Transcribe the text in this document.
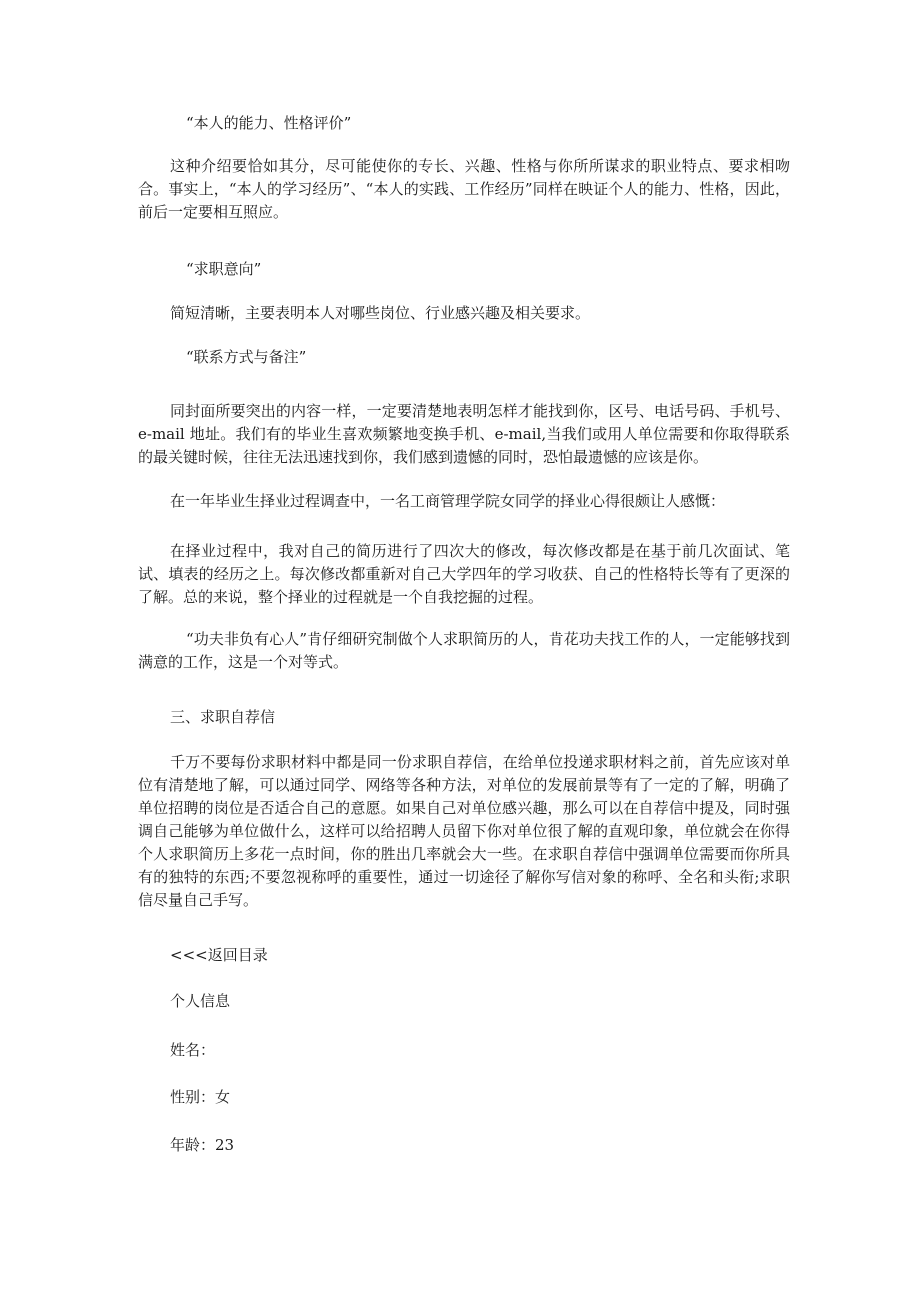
“本人的能力、性格评价”

这种介绍要恰如其分，尽可能使你的专长、兴趣、性格与你所所谋求的职业特点、要求相吻合。事实上，“本人的学习经历”、“本人的实践、工作经历”同样在映证个人的能力、性格，因此，前后一定要相互照应。

“求职意向”

简短清晰，主要表明本人对哪些岗位、行业感兴趣及相关要求。

“联系方式与备注”

同封面所要突出的内容一样，一定要清楚地表明怎样才能找到你，区号、电话号码、手机号、e-mail 地址。我们有的毕业生喜欢频繁地变换手机、e-mail,当我们或用人单位需要和你取得联系的最关键时候，往往无法迅速找到你，我们感到遗憾的同时，恐怕最遗憾的应该是你。

在一年毕业生择业过程调查中，一名工商管理学院女同学的择业心得很颇让人感慨：

在择业过程中，我对自己的简历进行了四次大的修改，每次修改都是在基于前几次面试、笔试、填表的经历之上。每次修改都重新对自己大学四年的学习收获、自己的性格特长等有了更深的了解。总的来说，整个择业的过程就是一个自我挖掘的过程。

“功夫非负有心人”肯仔细研究制做个人求职简历的人，肯花功夫找工作的人，一定能够找到满意的工作，这是一个对等式。

三、求职自荐信

千万不要每份求职材料中都是同一份求职自荐信，在给单位投递求职材料之前，首先应该对单位有清楚地了解，可以通过同学、网络等各种方法，对单位的发展前景等有了一定的了解，明确了单位招聘的岗位是否适合自己的意愿。如果自己对单位感兴趣，那么可以在自荐信中提及，同时强调自己能够为单位做什么，这样可以给招聘人员留下你对单位很了解的直观印象，单位就会在你得个人求职简历上多花一点时间，你的胜出几率就会大一些。在求职自荐信中强调单位需要而你所具有的独特的东西;不要忽视称呼的重要性，通过一切途径了解你写信对象的称呼、全名和头衔;求职信尽量自己手写。

<<<返回目录

个人信息

姓名：

性别：女

年龄：23
